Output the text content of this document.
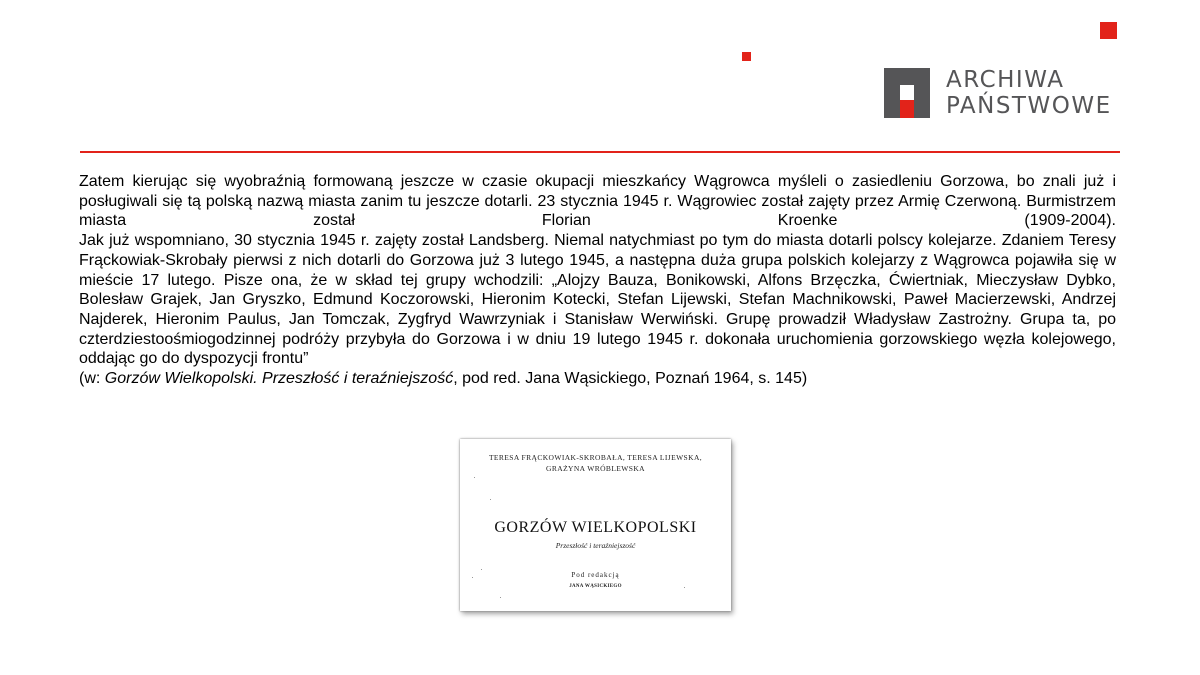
ARCHIWA
PAŃSTWOWE

Zatem kierując się wyobraźnią formowaną jeszcze w czasie okupacji mieszkańcy Wągrowca myśleli o zasiedleniu Gorzowa, bo znali już i posługiwali się tą polską nazwą miasta zanim tu jeszcze dotarli. 23 stycznia 1945 r. Wągrowiec został zajęty przez Armię Czerwoną. Burmistrzem miasta został Florian Kroenke (1909-2004).

Jak już wspomniano, 30 stycznia 1945 r. zajęty został Landsberg. Niemal natychmiast po tym do miasta dotarli polscy kolejarze. Zdaniem Teresy Frąckowiak-Skrobały pierwsi z nich dotarli do Gorzowa już 3 lutego 1945, a następna duża grupa polskich kolejarzy z Wągrowca pojawiła się w mieście 17 lutego. Pisze ona, że w skład tej grupy wchodzili: „Alojzy Bauza, Bonikowski, Alfons Brzęczka, Ćwiertniak, Mieczysław Dybko, Bolesław Grajek, Jan Gryszko, Edmund Koczorowski, Hieronim Kotecki, Stefan Lijewski, Stefan Machnikowski, Paweł Macierzewski, Andrzej Najderek, Hieronim Paulus, Jan Tomczak, Zygfryd Wawrzyniak i Stanisław Werwiński. Grupę prowadził Władysław Zastrożny. Grupa ta, po czterdziestoośmiogodzinnej podróży przybyła do Gorzowa i w dniu 19 lutego 1945 r. dokonała uruchomienia gorzowskiego węzła kolejowego, oddając go do dyspozycji frontu”

(w: Gorzów Wielkopolski. Przeszłość i teraźniejszość, pod red. Jana Wąsickiego, Poznań 1964, s. 145)

TERESA FRĄCKOWIAK-SKROBAŁA, TERESA LIJEWSKA,
GRAŻYNA WRÓBLEWSKA
GORZÓW WIELKOPOLSKI
Przeszłość i teraźniejszość
Pod redakcją
JANA WĄSICKIEGO
